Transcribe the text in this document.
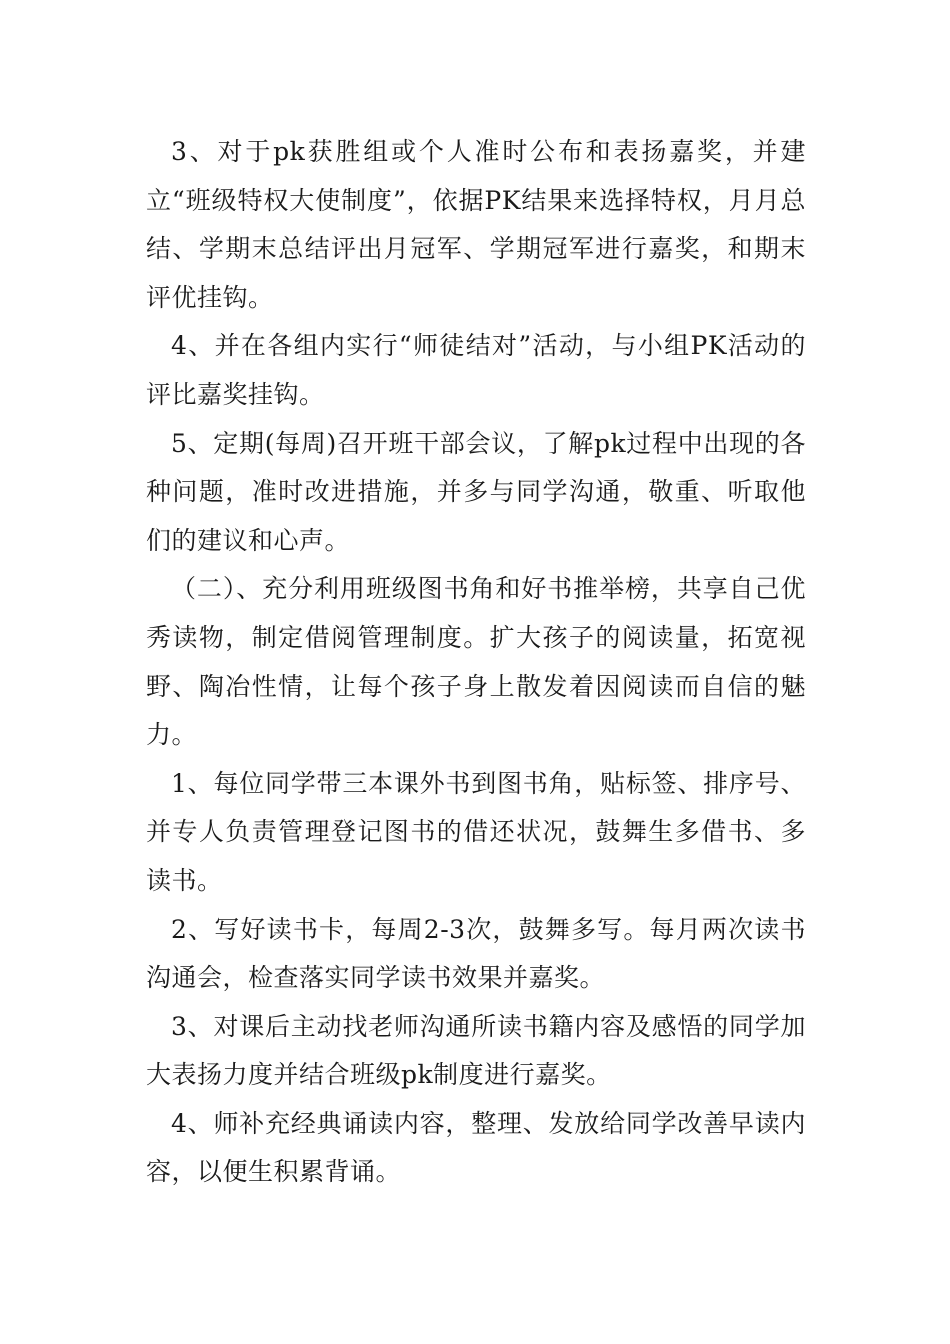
3、对于pk获胜组或个人准时公布和表扬嘉奖，并建立“班级特权大使制度”，依据PK结果来选择特权，月月总结、学期末总结评出月冠军、学期冠军进行嘉奖，和期末评优挂钩。

4、并在各组内实行“师徒结对”活动，与小组PK活动的评比嘉奖挂钩。

5、定期(每周)召开班干部会议，了解pk过程中出现的各种问题，准时改进措施，并多与同学沟通，敬重、听取他们的建议和心声。

（二）、充分利用班级图书角和好书推举榜，共享自己优秀读物，制定借阅管理制度。扩大孩子的阅读量，拓宽视野、陶冶性情，让每个孩子身上散发着因阅读而自信的魅力。

1、每位同学带三本课外书到图书角，贴标签、排序号、并专人负责管理登记图书的借还状况，鼓舞生多借书、多读书。

2、写好读书卡，每周2-3次，鼓舞多写。每月两次读书沟通会，检查落实同学读书效果并嘉奖。

3、对课后主动找老师沟通所读书籍内容及感悟的同学加大表扬力度并结合班级pk制度进行嘉奖。

4、师补充经典诵读内容，整理、发放给同学改善早读内容，以便生积累背诵。
